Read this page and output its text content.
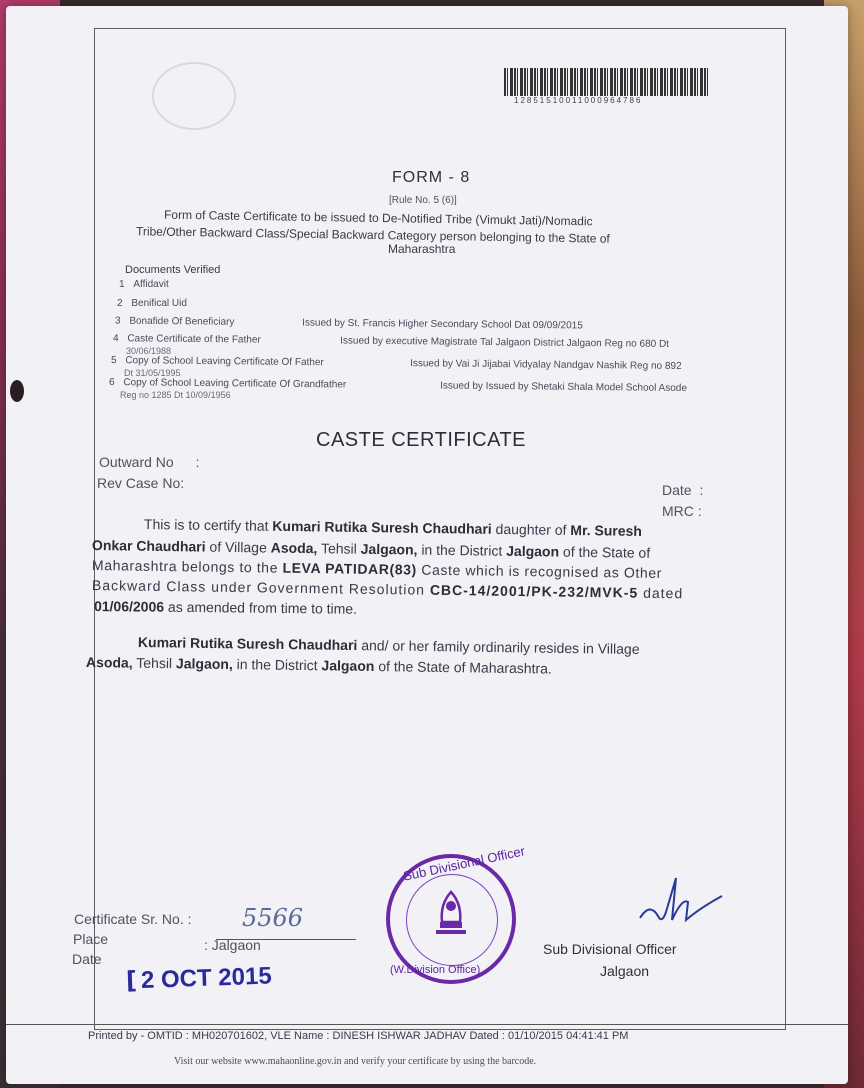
12851510011000964786
FORM - 8
[Rule No. 5 (6)]
Form of Caste Certificate to be issued to De-Notified Tribe (Vimukt Jati)/Nomadic
Tribe/Other Backward Class/Special Backward Category person belonging to the State of
Maharashtra
Documents Verified
1 Affidavit
2 Benifical Uid
3 Bonafide Of Beneficiary	Issued by St. Francis Higher Secondary School Dat 09/09/2015
4 Caste Certificate of the Father	Issued by executive Magistrate Tal Jalgaon District Jalgaon Reg no 680 Dt
30/06/1988
5 Copy of School Leaving Certificate Of Father	Issued by Vai Ji Jijabai Vidyalay Nandgav Nashik Reg no 892
Dt 31/05/1995
6 Copy of School Leaving Certificate Of Grandfather	Issued by Issued by Shetaki Shala Model School Asode
Reg no 1285 Dt 10/09/1956
CASTE CERTIFICATE
Outward No :
Rev Case No:	Date :
MRC :
This is to certify that Kumari Rutika Suresh Chaudhari daughter of Mr. Suresh
Onkar Chaudhari of Village Asoda, Tehsil Jalgaon, in the District Jalgaon of the State of
Maharashtra belongs to the LEVA PATIDAR(83) Caste which is recognised as Other
Backward Class under Government Resolution CBC-14/2001/PK-232/MVK-5 dated
01/06/2006 as amended from time to time.
Kumari Rutika Suresh Chaudhari and/ or her family ordinarily resides in Village
Asoda, Tehsil Jalgaon, in the District Jalgaon of the State of Maharashtra.
Sub Divisional Officer
(W.Division Office)
Sub Divisional Officer
Jalgaon
Certificate Sr. No. : 5566
Place	: Jalgaon
Date
[ 2 OCT 2015
Printed by - OMTID : MH020701602, VLE Name : DINESH ISHWAR JADHAV Dated : 01/10/2015 04:41:41 PM
Visit our website www.mahaonline.gov.in and verify your certificate by using the barcode.
